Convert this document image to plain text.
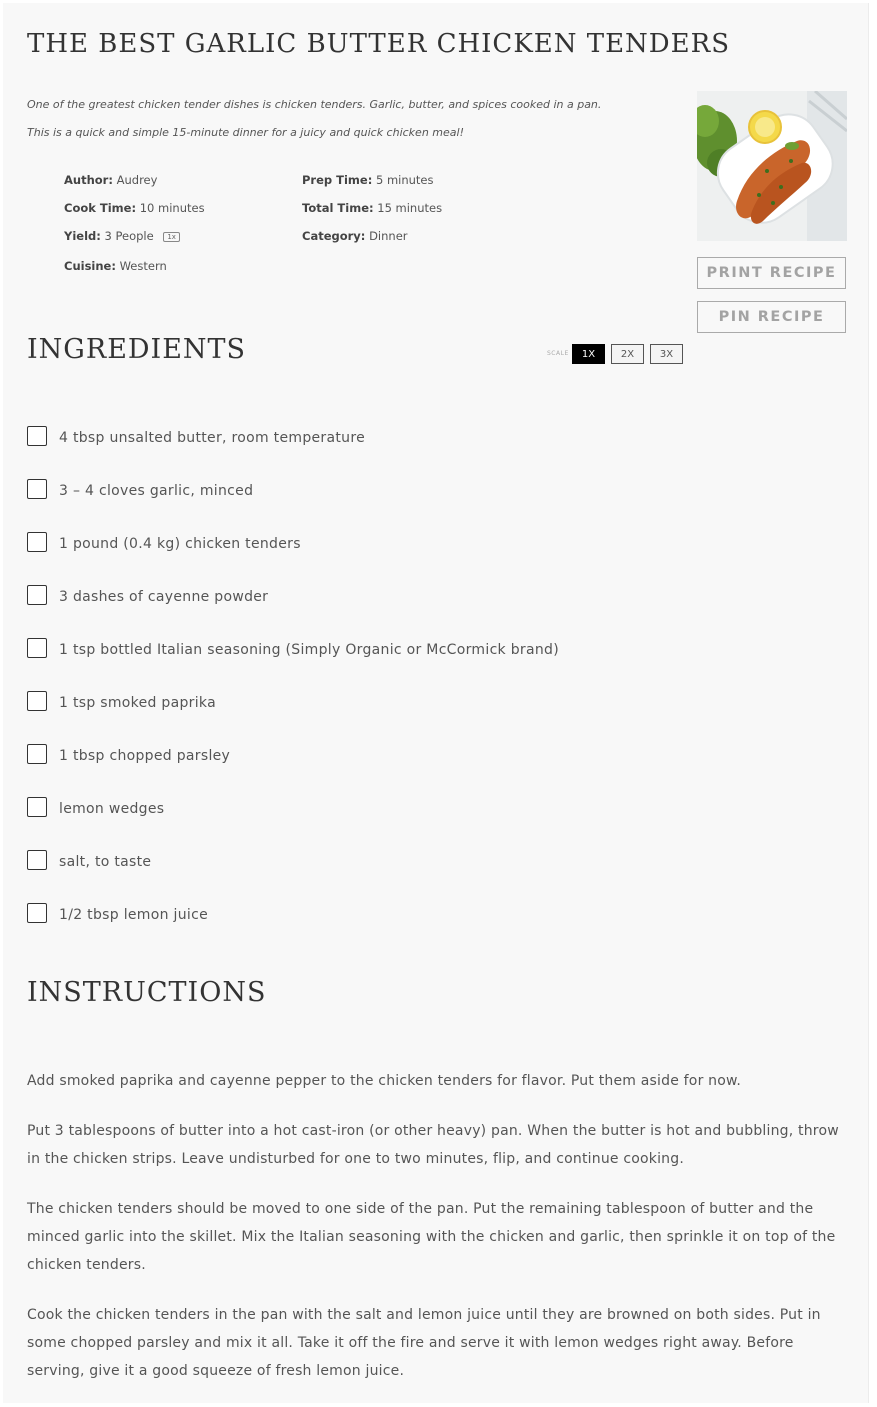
THE BEST GARLIC BUTTER CHICKEN TENDERS
One of the greatest chicken tender dishes is chicken tenders. Garlic, butter, and spices cooked in a pan.
This is a quick and simple 15-minute dinner for a juicy and quick chicken meal!
Author: Audrey	Prep Time: 5 minutes
Cook Time: 10 minutes	Total Time: 15 minutes
Yield: 3 People 1x	Category: Dinner
Cuisine: Western	PRINT RECIPE
PIN RECIPE
INGREDIENTS	SCALE	1X	2X	3X
4 tbsp unsalted butter, room temperature
3 – 4 cloves garlic, minced
1 pound (0.4 kg) chicken tenders
3 dashes of cayenne powder
1 tsp bottled Italian seasoning (Simply Organic or McCormick brand)
1 tsp smoked paprika
1 tbsp chopped parsley
lemon wedges
salt, to taste
1/2 tbsp lemon juice
INSTRUCTIONS

Add smoked paprika and cayenne pepper to the chicken tenders for flavor. Put them aside for now.

Put 3 tablespoons of butter into a hot cast-iron (or other heavy) pan. When the butter is hot and bubbling, throw in the chicken strips. Leave undisturbed for one to two minutes, flip, and continue cooking.

The chicken tenders should be moved to one side of the pan. Put the remaining tablespoon of butter and the minced garlic into the skillet. Mix the Italian seasoning with the chicken and garlic, then sprinkle it on top of the chicken tenders.

Cook the chicken tenders in the pan with the salt and lemon juice until they are browned on both sides. Put in some chopped parsley and mix it all. Take it off the fire and serve it with lemon wedges right away. Before serving, give it a good squeeze of fresh lemon juice.
